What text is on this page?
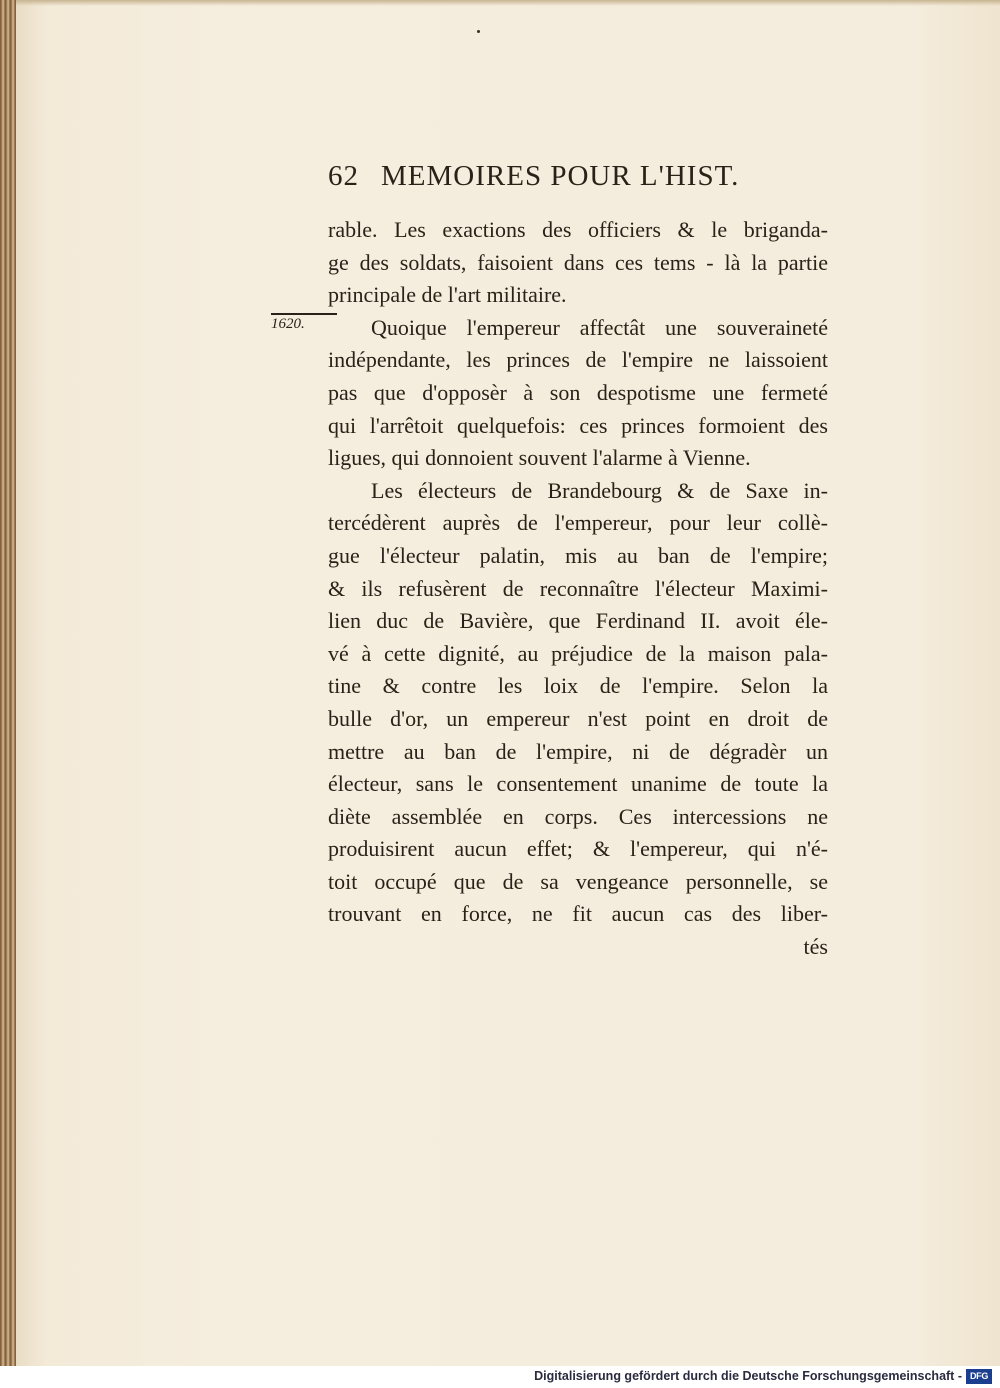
62 MEMOIRES POUR L'HIST.
1620.
rable. Les exactions des officiers & le briganda-
ge des soldats, faisoient dans ces tems - là la partie
principale de l'art militaire.
Quoique l'empereur affectât une souveraineté
indépendante, les princes de l'empire ne laissoient
pas que d'opposèr à son despotisme une fermeté
qui l'arrêtoit quelquefois: ces princes formoient des
ligues, qui donnoient souvent l'alarme à Vienne.
Les électeurs de Brandebourg & de Saxe in-
tercédèrent auprès de l'empereur, pour leur collè-
gue l'électeur palatin, mis au ban de l'empire;
& ils refusèrent de reconnaître l'électeur Maximi-
lien duc de Bavière, que Ferdinand II. avoit éle-
vé à cette dignité, au préjudice de la maison pala-
tine & contre les loix de l'empire. Selon la
bulle d'or, un empereur n'est point en droit de
mettre au ban de l'empire, ni de dégradèr un
électeur, sans le consentement unanime de toute la
diète assemblée en corps. Ces intercessions ne
produisirent aucun effet; & l'empereur, qui n'é-
toit occupé que de sa vengeance personnelle, se
trouvant en force, ne fit aucun cas des liber-
tés
Digitalisierung gefördert durch die Deutsche Forschungsgemeinschaft - DFG
